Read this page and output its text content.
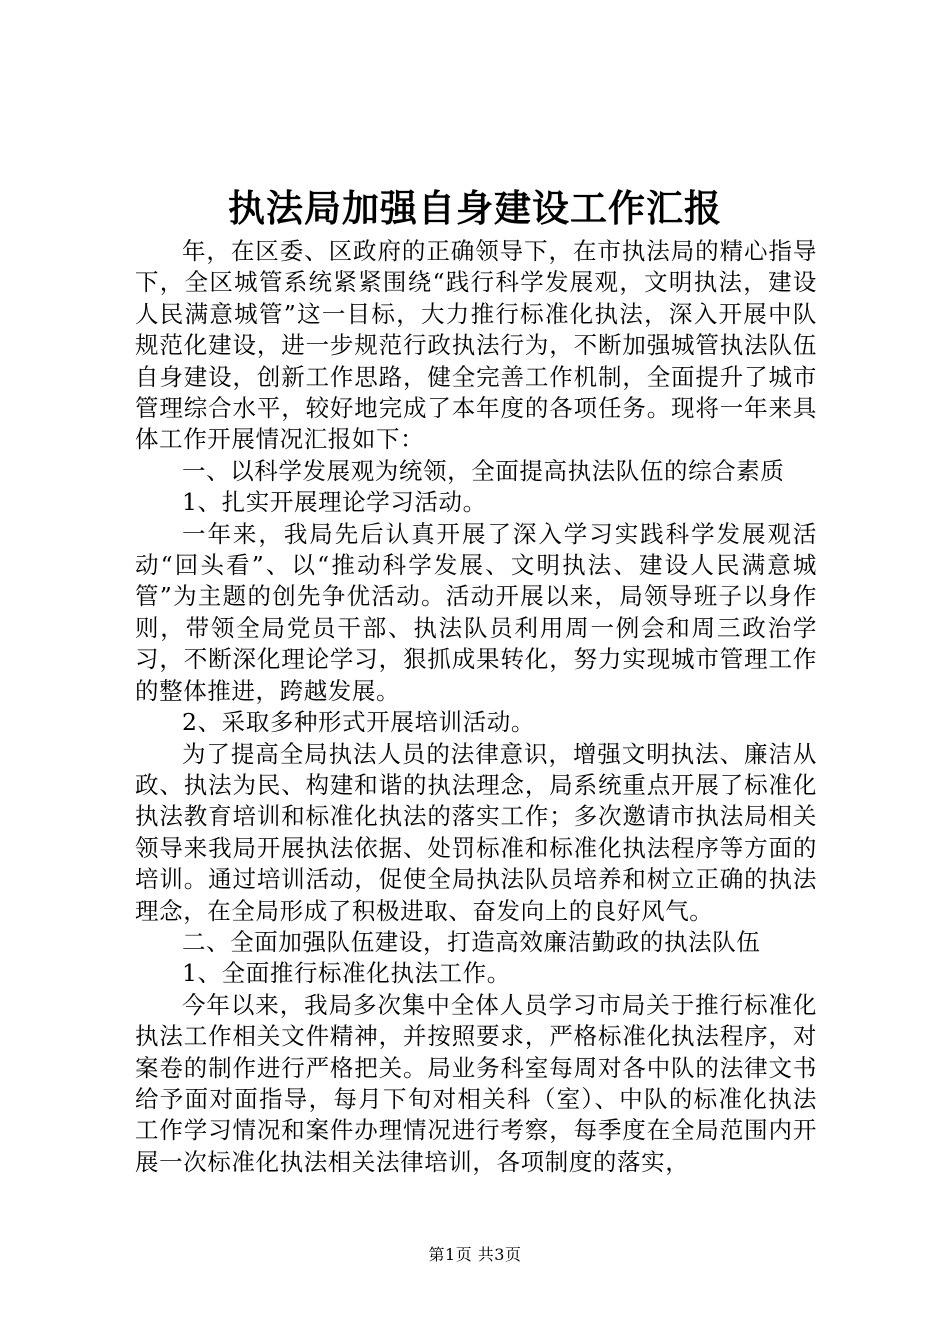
执法局加强自身建设工作汇报

年，在区委、区政府的正确领导下，在市执法局的精心指导下，全区城管系统紧紧围绕“践行科学发展观，文明执法，建设人民满意城管”这一目标，大力推行标准化执法，深入开展中队规范化建设，进一步规范行政执法行为，不断加强城管执法队伍自身建设，创新工作思路，健全完善工作机制，全面提升了城市管理综合水平，较好地完成了本年度的各项任务。现将一年来具体工作开展情况汇报如下：

一、以科学发展观为统领，全面提高执法队伍的综合素质

1、扎实开展理论学习活动。

一年来，我局先后认真开展了深入学习实践科学发展观活动“回头看”、以“推动科学发展、文明执法、建设人民满意城管”为主题的创先争优活动。活动开展以来，局领导班子以身作则，带领全局党员干部、执法队员利用周一例会和周三政治学习，不断深化理论学习，狠抓成果转化，努力实现城市管理工作的整体推进，跨越发展。

2、采取多种形式开展培训活动。

为了提高全局执法人员的法律意识，增强文明执法、廉洁从政、执法为民、构建和谐的执法理念，局系统重点开展了标准化执法教育培训和标准化执法的落实工作；多次邀请市执法局相关领导来我局开展执法依据、处罚标准和标准化执法程序等方面的培训。通过培训活动，促使全局执法队员培养和树立正确的执法理念，在全局形成了积极进取、奋发向上的良好风气。

二、全面加强队伍建设，打造高效廉洁勤政的执法队伍

1、全面推行标准化执法工作。

今年以来，我局多次集中全体人员学习市局关于推行标准化执法工作相关文件精神，并按照要求，严格标准化执法程序，对案卷的制作进行严格把关。局业务科室每周对各中队的法律文书给予面对面指导，每月下旬对相关科（室）、中队的标准化执法工作学习情况和案件办理情况进行考察，每季度在全局范围内开展一次标准化执法相关法律培训，各项制度的落实，

第1页 共3页
